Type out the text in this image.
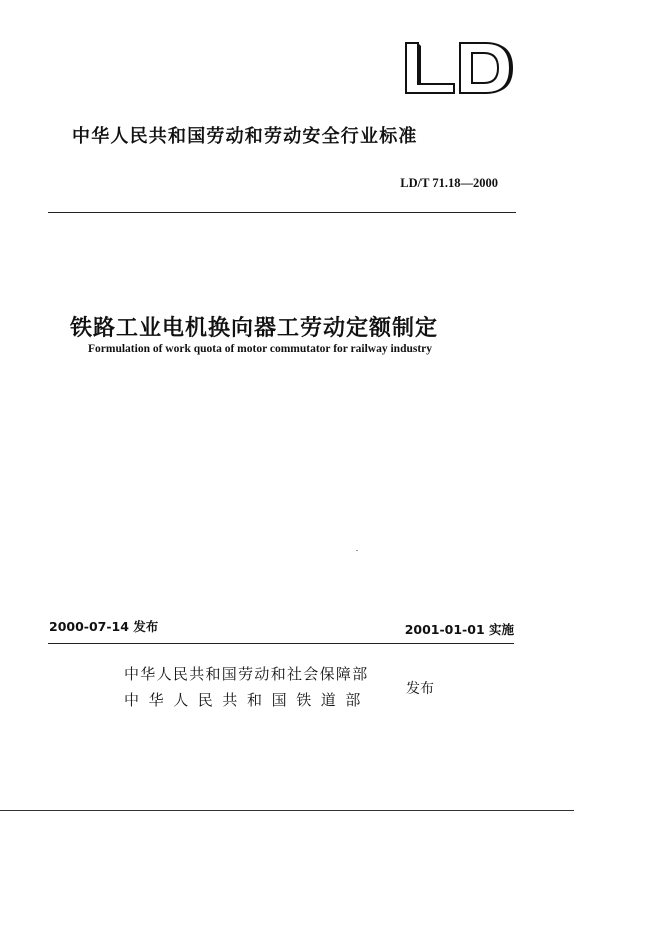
中华人民共和国劳动和劳动安全行业标准
LD/T 71.18—2000
铁路工业电机换向器工劳动定额制定
Formulation of work quota of motor commutator for railway industry
2000-07-14 发布	2001-01-01 实施
中华人民共和国劳动和社会保障部
中华人民共和国铁道部
发布
